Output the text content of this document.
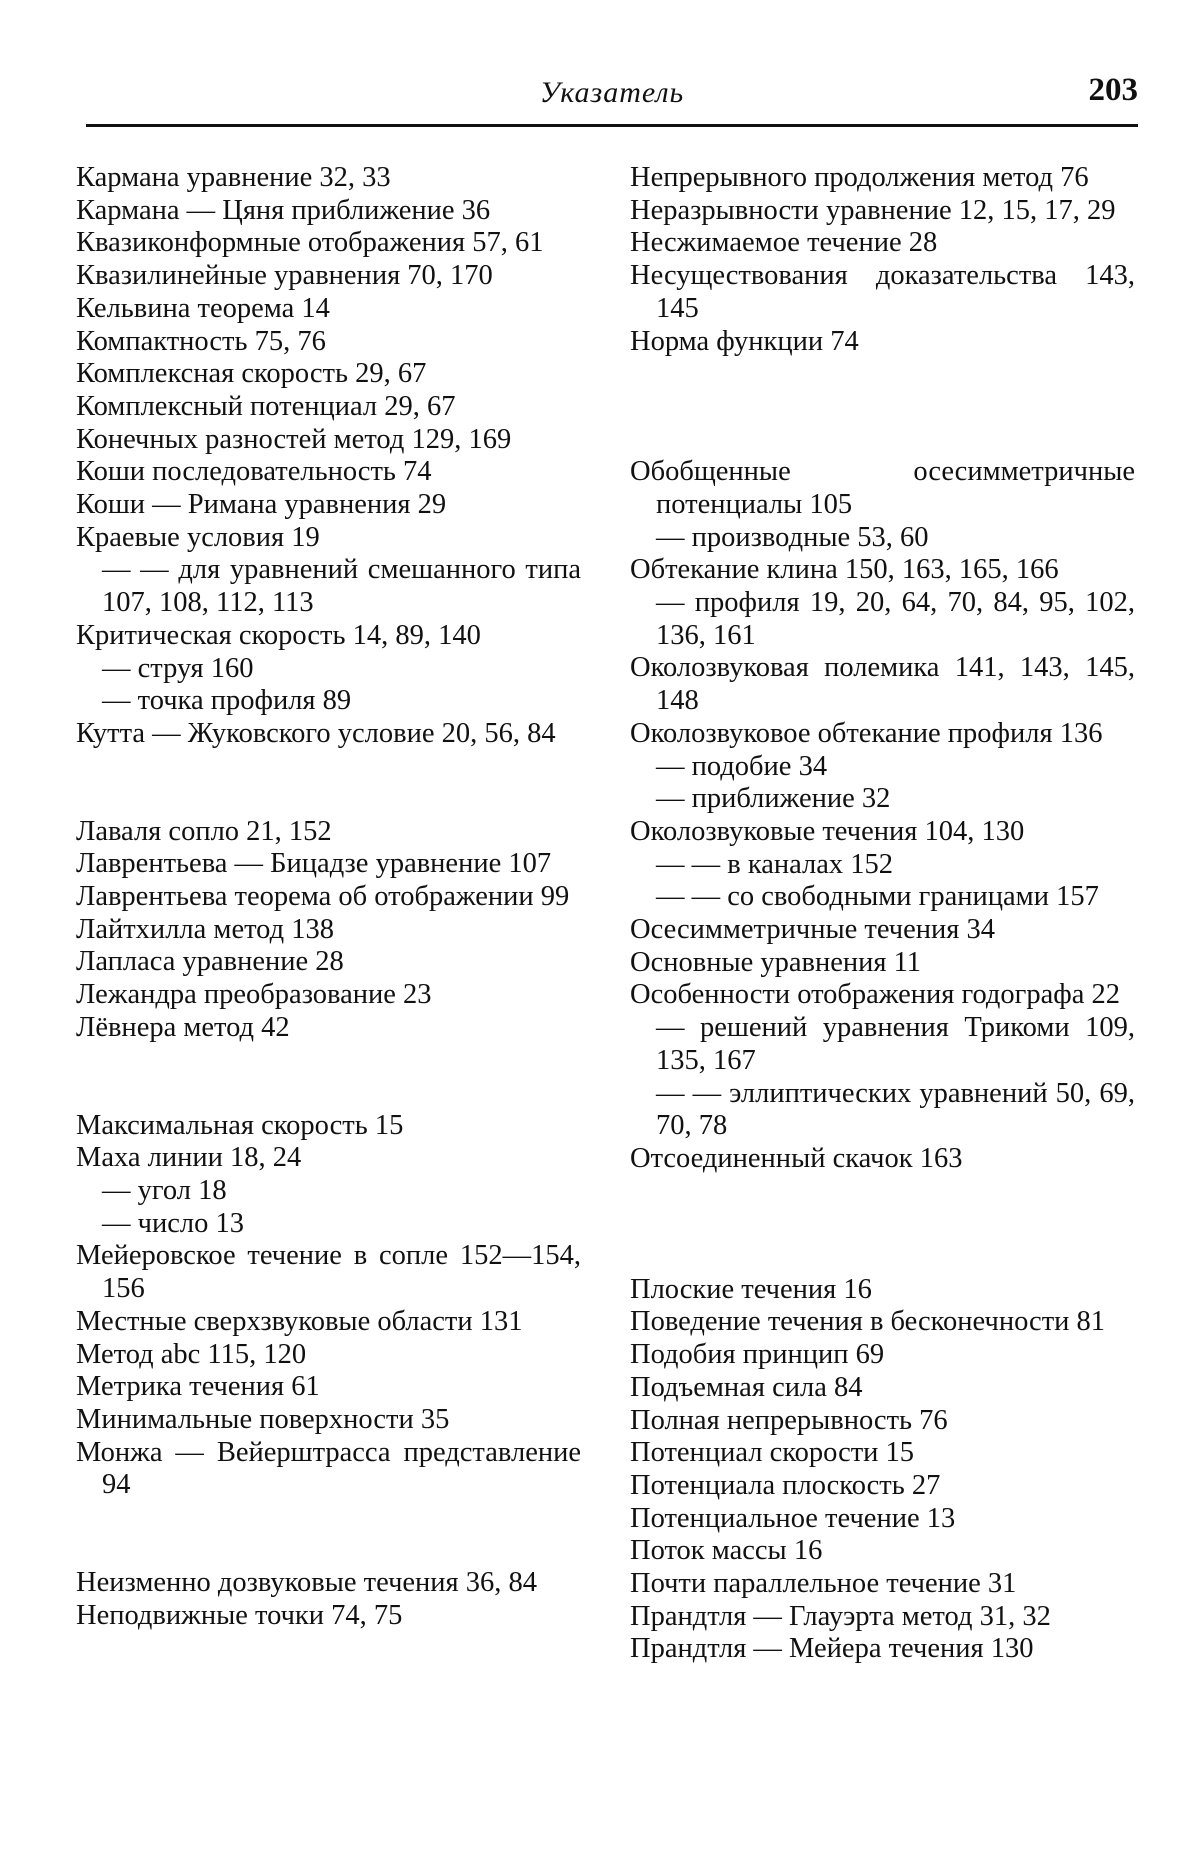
Указатель	203
Кармана уравнение 32, 33
Кармана — Цяня приближение 36
Квазиконформные отображения 57, 61
Квазилинейные уравнения 70, 170
Кельвина теорема 14
Компактность 75, 76
Комплексная скорость 29, 67
Комплексный потенциал 29, 67
Конечных разностей метод 129, 169
Коши последовательность 74
Коши — Римана уравнения 29
Краевые условия 19
— — для уравнений смешанного типа 107, 108, 112, 113
Критическая скорость 14, 89, 140
— струя 160
— точка профиля 89
Кутта — Жуковского условие 20, 56, 84
Лаваля сопло 21, 152
Лаврентьева — Бицадзе уравнение 107
Лаврентьева теорема об отображении 99
Лайтхилла метод 138
Лапласа уравнение 28
Лежандра преобразование 23
Лёвнера метод 42
Максимальная скорость 15
Маха линии 18, 24
— угол 18
— число 13
Мейеровское течение в сопле 152—154, 156
Местные сверхзвуковые области 131
Метод abc 115, 120
Метрика течения 61
Минимальные поверхности 35
Монжа — Вейерштрасса представление 94
Неизменно дозвуковые течения 36, 84
Неподвижные точки 74, 75
Непрерывного продолжения метод 76
Неразрывности уравнение 12, 15, 17, 29
Несжимаемое течение 28
Несуществования доказательства 143, 145
Норма функции 74
Обобщенные осесимметричные потенциалы 105
— производные 53, 60
Обтекание клина 150, 163, 165, 166
— профиля 19, 20, 64, 70, 84, 95, 102, 136, 161
Околозвуковая полемика 141, 143, 145, 148
Околозвуковое обтекание профиля 136
— подобие 34
— приближение 32
Околозвуковые течения 104, 130
— — в каналах 152
— — со свободными границами 157
Осесимметричные течения 34
Основные уравнения 11
Особенности отображения годографа 22
— решений уравнения Трикоми 109, 135, 167
— — эллиптических уравнений 50, 69, 70, 78
Отсоединенный скачок 163
Плоские течения 16
Поведение течения в бесконечности 81
Подобия принцип 69
Подъемная сила 84
Полная непрерывность 76
Потенциал скорости 15
Потенциала плоскость 27
Потенциальное течение 13
Поток массы 16
Почти параллельное течение 31
Прандтля — Глауэрта метод 31, 32
Прандтля — Мейера течения 130
